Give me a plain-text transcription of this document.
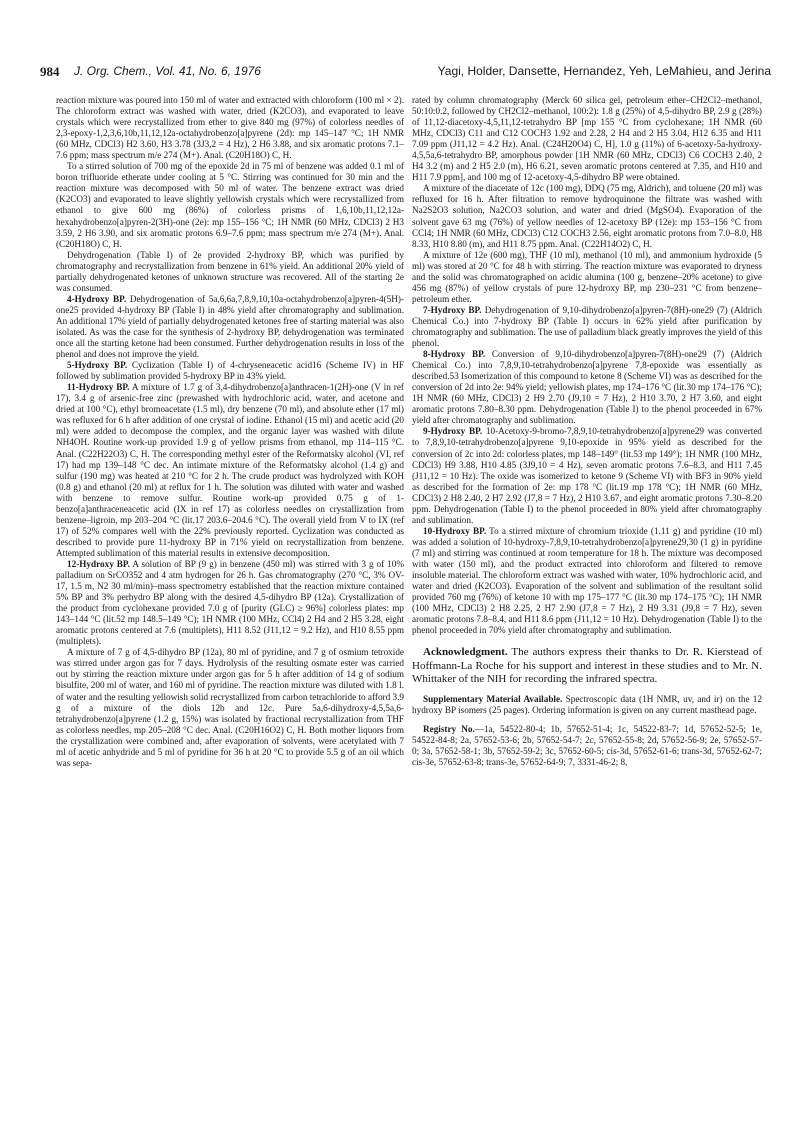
984 J. Org. Chem., Vol. 41, No. 6, 1976	Yagi, Holder, Dansette, Hernandez, Yeh, LeMahieu, and Jerina

reaction mixture was poured into 150 ml of water and extracted with chloroform (100 ml × 2). The chloroform extract was washed with water, dried (K2CO3), and evaporated to leave crystals which were recrystallized from ether to give 840 mg (97%) of colorless needles of 2,3-epoxy-1,2,3,6,10b,11,12,12a-octahydrobenzo[a]pyrene (2d): mp 145–147 °C; 1H NMR (60 MHz, CDCl3) H2 3.60, H3 3.78 (3J3,2 = 4 Hz), 2 H6 3.88, and six aromatic protons 7.1–7.6 ppm; mass spectrum m/e 274 (M+). Anal. (C20H18O) C, H.

To a stirred solution of 700 mg of the epoxide 2d in 75 ml of benzene was added 0.1 ml of boron trifluoride etherate under cooling at 5 °C. Stirring was continued for 30 min and the reaction mixture was decomposed with 50 ml of water. The benzene extract was dried (K2CO3) and evaporated to leave slightly yellowish crystals which were recrystallized from ethanol to give 600 mg (86%) of colorless prisms of 1,6,10b,11,12,12a-hexahydrobenzo[a]pyren-2(3H)-one (2e): mp 155–156 °C; 1H NMR (60 MHz, CDCl3) 2 H3 3.59, 2 H6 3.90, and six aromatic protons 6.9–7.6 ppm; mass spectrum m/e 274 (M+). Anal. (C20H18O) C, H.

Dehydrogenation (Table I) of 2e provided 2-hydroxy BP, which was purified by chromatography and recrystallization from benzene in 61% yield. An additional 20% yield of partially dehydrogenated ketones of unknown structure was recovered. All of the starting 2e was consumed.

4-Hydroxy BP. Dehydrogenation of 5a,6,6a,7,8,9,10,10a-octahydrobenzo[a]pyren-4(5H)-one25 provided 4-hydroxy BP (Table I) in 48% yield after chromatography and sublimation. An additional 17% yield of partially dehydrogenated ketones free of starting material was also isolated. As was the case for the synthesis of 2-hydroxy BP, dehydrogenation was terminated once all the starting ketone had been consumed. Further dehydrogenation results in loss of the phenol and does not improve the yield.

5-Hydroxy BP. Cyclization (Table I) of 4-chryseneacetic acid16 (Scheme IV) in HF followed by sublimation provided 5-hydroxy BP in 43% yield.

11-Hydroxy BP. A mixture of 1.7 g of 3,4-dihydrobenzo[a]anthracen-1(2H)-one (V in ref 17), 3.4 g of arsenic-free zinc (prewashed with hydrochloric acid, water, and acetone and dried at 100 °C), ethyl bromoacetate (1.5 ml), dry benzene (70 ml), and absolute ether (17 ml) was refluxed for 6 h after addition of one crystal of iodine. Ethanol (15 ml) and acetic acid (20 ml) were added to decompose the complex, and the organic layer was washed with dilute NH4OH. Routine work-up provided 1.9 g of yellow prisms from ethanol, mp 114–115 °C. Anal. (C22H22O3) C, H. The corresponding methyl ester of the Reformatsky alcohol (VI, ref 17) had mp 139–148 °C dec. An intimate mixture of the Reformatsky alcohol (1.4 g) and sulfur (190 mg) was heated at 210 °C for 2 h. The crude product was hydrolyzed with KOH (0.8 g) and ethanol (20 ml) at reflux for 1 h. The solution was diluted with water and washed with benzene to remove sulfur. Routine work-up provided 0.75 g of 1-benzo[a]anthraceneacetic acid (IX in ref 17) as colorless needles on crystallization from benzene–ligroin, mp 203–204 °C (lit.17 203.6–204.6 °C). The overall yield from V to IX (ref 17) of 52% compares well with the 22% previously reported. Cyclization was conducted as described to provide pure 11-hydroxy BP in 71% yield on recrystallization from benzene. Attempted sublimation of this material results in extensive decomposition.

12-Hydroxy BP. A solution of BP (9 g) in benzene (450 ml) was stirred with 3 g of 10% palladium on SrCO352 and 4 atm hydrogen for 26 h. Gas chromatography (270 °C, 3% OV-17, 1.5 m, N2 30 ml/min)–mass spectrometry established that the reaction mixture contained 5% BP and 3% perhydro BP along with the desired 4,5-dihydro BP (12a). Crystallization of the product from cyclohexane provided 7.0 g of [purity (GLC) ≥ 96%] colorless plates: mp 143–144 °C (lit.52 mp 148.5–149 °C); 1H NMR (100 MHz, CCl4) 2 H4 and 2 H5 3.28, eight aromatic protons centered at 7.6 (multiplets), H11 8.52 (J11,12 = 9.2 Hz), and H10 8.55 ppm (multiplets).

A mixture of 7 g of 4,5-dihydro BP (12a), 80 ml of pyridine, and 7 g of osmium tetroxide was stirred under argon gas for 7 days. Hydrolysis of the resulting osmate ester was carried out by stirring the reaction mixture under argon gas for 5 h after addition of 14 g of sodium bisulfite, 200 ml of water, and 160 ml of pyridine. The reaction mixture was diluted with 1.8 l. of water and the resulting yellowish solid recrystallized from carbon tetrachloride to afford 3.9 g of a mixture of the diols 12b and 12c. Pure 5a,6-dihydroxy-4,5,5a,6-tetrahydrobenzo[a]pyrene (1.2 g, 15%) was isolated by fractional recrystallization from THF as colorless needles, mp 205–208 °C dec. Anal. (C20H16O2) C, H. Both mother liquors from the crystallization were combined and, after evaporation of solvents, were acetylated with 7 ml of acetic anhydride and 5 ml of pyridine for 36 h at 20 °C to provide 5.5 g of an oil which was sepa-

rated by column chromatography (Merck 60 silica gel, petroleum ether–CH2Cl2–methanol, 50:10:0.2, followed by CH2Cl2–methanol, 100:2): 1.8 g (25%) of 4,5-dihydro BP, 2.9 g (28%) of 11,12-diacetoxy-4,5,11,12-tetrahydro BP [mp 155 °C from cyclohexane; 1H NMR (60 MHz, CDCl3) C11 and C12 COCH3 1.92 and 2.28, 2 H4 and 2 H5 3.04, H12 6.35 and H11 7.09 ppm (J11,12 = 4.2 Hz). Anal. (C24H20O4) C, H], 1.0 g (11%) of 6-acetoxy-5a-hydroxy-4,5,5a,6-tetrahydro BP, amorphous powder [1H NMR (60 MHz, CDCl3) C6 COCH3 2.40, 2 H4 3.2 (m) and 2 H5 2.0 (m), H6 6.21, seven aromatic protons centered at 7.35, and H10 and H11 7.9 ppm], and 100 mg of 12-acetoxy-4,5-dihydro BP were obtained.

A mixture of the diacetate of 12c (100 mg), DDQ (75 mg, Aldrich), and toluene (20 ml) was refluxed for 16 h. After filtration to remove hydroquinone the filtrate was washed with Na2S2O3 solution, Na2CO3 solution, and water and dried (MgSO4). Evaporation of the solvent gave 63 mg (76%) of yellow needles of 12-acetoxy BP (12e): mp 153–156 °C from CCl4; 1H NMR (60 MHz, CDCl3) C12 COCH3 2.56, eight aromatic protons from 7.0–8.0, H8 8.33, H10 8.80 (m), and H11 8.75 ppm. Anal. (C22H14O2) C, H.

A mixture of 12e (600 mg), THF (10 ml), methanol (10 ml), and ammonium hydroxide (5 ml) was stored at 20 °C for 48 h with stirring. The reaction mixture was evaporated to dryness and the solid was chromatographed on acidic alumina (100 g, benzene–20% acetone) to give 456 mg (87%) of yellow crystals of pure 12-hydroxy BP, mp 230–231 °C from benzene–petroleum ether.

7-Hydroxy BP. Dehydrogenation of 9,10-dihydrobenzo[a]pyren-7(8H)-one29 (7) (Aldrich Chemical Co.) into 7-hydroxy BP (Table I) occurs in 62% yield after purification by chromatography and sublimation. The use of palladium black greatly improves the yield of this phenol.

8-Hydroxy BP. Conversion of 9,10-dihydrobenzo[a]pyren-7(8H)-one29 (7) (Aldrich Chemical Co.) into 7,8,9,10-tetrahydrobenzo[a]pyrene 7,8-epoxide was essentially as described.53 Isomerization of this compound to ketone 8 (Scheme VI) was as described for the conversion of 2d into 2e: 94% yield; yellowish plates, mp 174–176 °C (lit.30 mp 174–176 °C); 1H NMR (60 MHz, CDCl3) 2 H9 2.70 (J9,10 = 7 Hz), 2 H10 3.70, 2 H7 3.60, and eight aromatic protons 7.80–8.30 ppm. Dehydrogenation (Table I) to the phenol proceeded in 67% yield after chromatography and sublimation.

9-Hydroxy BP. 10-Acetoxy-9-bromo-7,8,9,10-tetrahydrobenzo[a]pyrene29 was converted to 7,8,9,10-tetrahydrobenzo[a]pyrene 9,10-epoxide in 95% yield as described for the conversion of 2c into 2d: colorless plates, mp 148–149° (lit.53 mp 149°); 1H NMR (100 MHz, CDCl3) H9 3.88, H10 4.85 (3J9,10 = 4 Hz), seven aromatic protons 7.6–8.3, and H11 7.45 (J11,12 = 10 Hz). The oxide was isomerized to ketone 9 (Scheme VI) with BF3 in 90% yield as described for the formation of 2e: mp 178 °C (lit.19 mp 178 °C); 1H NMR (60 MHz, CDCl3) 2 H8 2.40, 2 H7 2.92 (J7,8 = 7 Hz), 2 H10 3.67, and eight aromatic protons 7.30–8.20 ppm. Dehydrogenation (Table I) to the phenol proceeded in 80% yield after chromatography and sublimation.

10-Hydroxy BP. To a stirred mixture of chromium trioxide (1.11 g) and pyridine (10 ml) was added a solution of 10-hydroxy-7,8,9,10-tetrahydrobenzo[a]pyrene29,30 (1 g) in pyridine (7 ml) and stirring was continued at room temperature for 18 h. The mixture was decomposed with water (150 ml), and the product extracted into chloroform and filtered to remove insoluble material. The chloroform extract was washed with water, 10% hydrochloric acid, and water and dried (K2CO3). Evaporation of the solvent and sublimation of the resultant solid provided 760 mg (76%) of ketone 10 with mp 175–177 °C (lit.30 mp 174–175 °C); 1H NMR (100 MHz, CDCl3) 2 H8 2.25, 2 H7 2.90 (J7,8 = 7 Hz), 2 H9 3.31 (J9,8 = 7 Hz), seven aromatic protons 7.8–8.4, and H11 8.6 ppm (J11,12 = 10 Hz). Dehydrogenation (Table I) to the phenol proceeded in 70% yield after chromatography and sublimation.

Acknowledgment. The authors express their thanks to Dr. R. Kierstead of Hoffmann-La Roche for his support and interest in these studies and to Mr. N. Whittaker of the NIH for recording the infrared spectra.

Supplementary Material Available. Spectroscopic data (1H NMR, uv, and ir) on the 12 hydroxy BP isomers (25 pages). Ordering information is given on any current masthead page.

Registry No.—1a, 54522-80-4; 1b, 57652-51-4; 1c, 54522-83-7; 1d, 57652-52-5; 1e, 54522-84-8; 2a, 57652-53-6; 2b, 57652-54-7; 2c, 57652-55-8; 2d, 57652-56-9; 2e, 57652-57-0; 3a, 57652-58-1; 3b, 57652-59-2; 3c, 57652-60-5; cis-3d, 57652-61-6; trans-3d, 57652-62-7; cis-3e, 57652-63-8; trans-3e, 57652-64-9; 7, 3331-46-2; 8,
